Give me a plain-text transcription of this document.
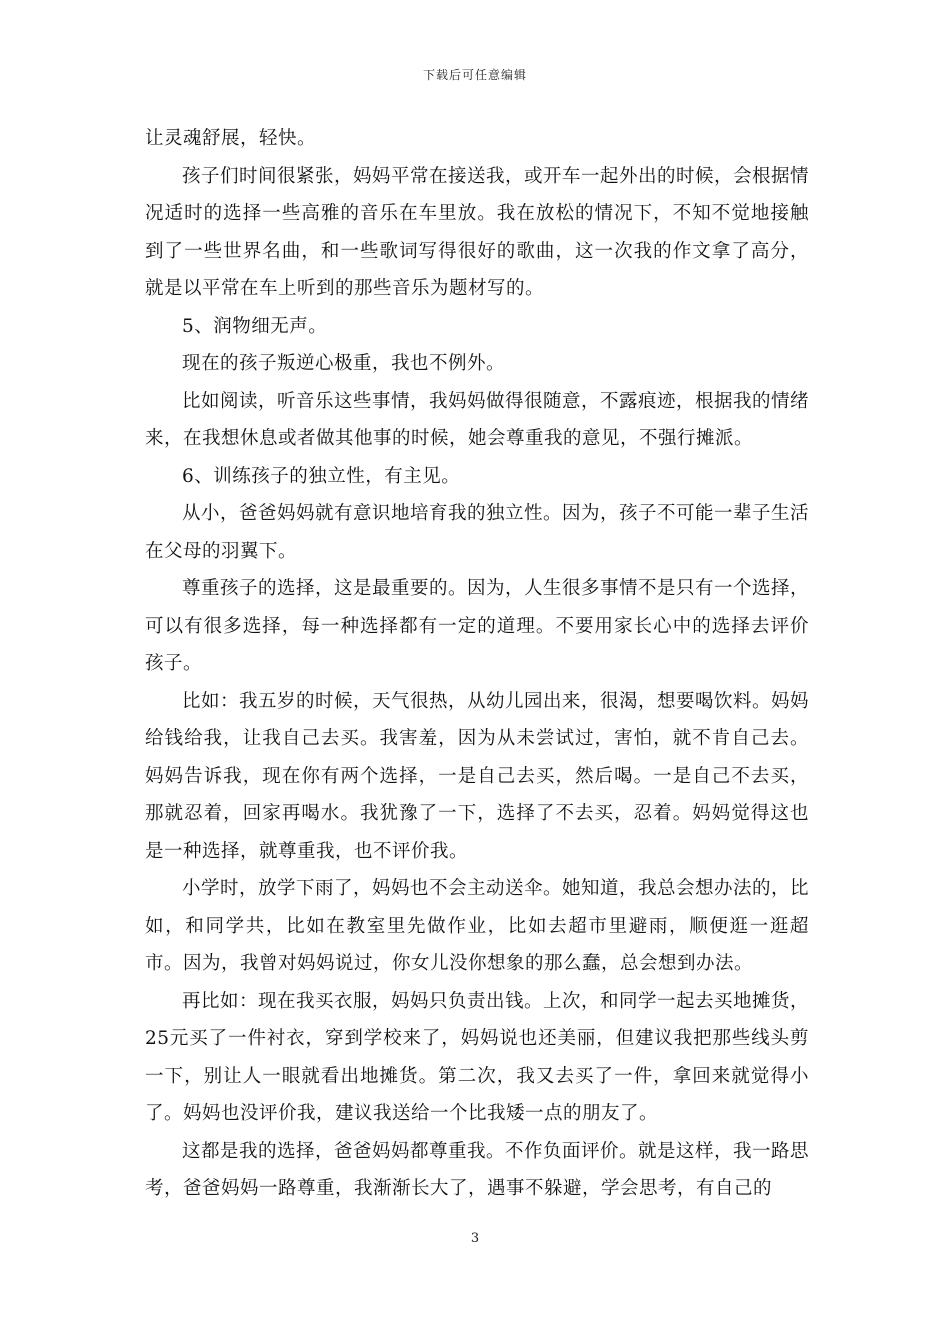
下载后可任意编辑

让灵魂舒展，轻快。

孩子们时间很紧张，妈妈平常在接送我，或开车一起外出的时候，会根据情况适时的选择一些高雅的音乐在车里放。我在放松的情况下，不知不觉地接触到了一些世界名曲，和一些歌词写得很好的歌曲，这一次我的作文拿了高分，就是以平常在车上听到的那些音乐为题材写的。

5、润物细无声。

现在的孩子叛逆心极重，我也不例外。

比如阅读，听音乐这些事情，我妈妈做得很随意，不露痕迹，根据我的情绪来，在我想休息或者做其他事的时候，她会尊重我的意见，不强行摊派。

6、训练孩子的独立性，有主见。

从小，爸爸妈妈就有意识地培育我的独立性。因为，孩子不可能一辈子生活在父母的羽翼下。

尊重孩子的选择，这是最重要的。因为，人生很多事情不是只有一个选择，可以有很多选择，每一种选择都有一定的道理。不要用家长心中的选择去评价孩子。

比如：我五岁的时候，天气很热，从幼儿园出来，很渴，想要喝饮料。妈妈给钱给我，让我自己去买。我害羞，因为从未尝试过，害怕，就不肯自己去。妈妈告诉我，现在你有两个选择，一是自己去买，然后喝。一是自己不去买，那就忍着，回家再喝水。我犹豫了一下，选择了不去买，忍着。妈妈觉得这也是一种选择，就尊重我，也不评价我。

小学时，放学下雨了，妈妈也不会主动送伞。她知道，我总会想办法的，比如，和同学共，比如在教室里先做作业，比如去超市里避雨，顺便逛一逛超市。因为，我曾对妈妈说过，你女儿没你想象的那么蠢，总会想到办法。

再比如：现在我买衣服，妈妈只负责出钱。上次，和同学一起去买地摊货，25元买了一件衬衣，穿到学校来了，妈妈说也还美丽，但建议我把那些线头剪一下，别让人一眼就看出地摊货。第二次，我又去买了一件，拿回来就觉得小了。妈妈也没评价我，建议我送给一个比我矮一点的朋友了。

这都是我的选择，爸爸妈妈都尊重我。不作负面评价。就是这样，我一路思考，爸爸妈妈一路尊重，我渐渐长大了，遇事不躲避，学会思考，有自己的

3
